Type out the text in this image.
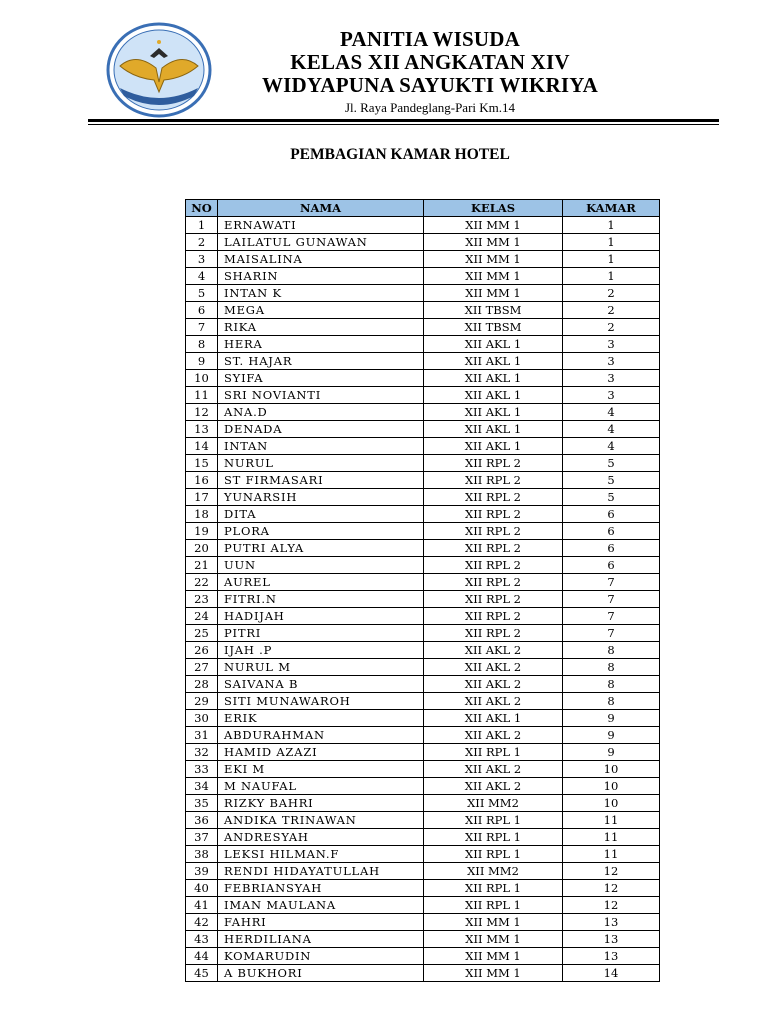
PANITIA WISUDA
KELAS XII ANGKATAN XIV
WIDYAPUNA SAYUKTI WIKRIYA
Jl. Raya Pandeglang-Pari Km.14
PEMBAGIAN KAMAR HOTEL
NO	NAMA	KELAS	KAMAR
1	ERNAWATI	XII MM 1	1
2	LAILATUL GUNAWAN	XII MM 1	1
3	MAISALINA	XII MM 1	1
4	SHARIN	XII MM 1	1
5	INTAN K	XII MM 1	2
6	MEGA	XII TBSM	2
7	RIKA	XII TBSM	2
8	HERA	XII AKL 1	3
9	ST. HAJAR	XII AKL 1	3
10	SYIFA	XII AKL 1	3
11	SRI NOVIANTI	XII AKL 1	3
12	ANA.D	XII AKL 1	4
13	DENADA	XII AKL 1	4
14	INTAN	XII AKL 1	4
15	NURUL	XII RPL 2	5
16	ST FIRMASARI	XII RPL 2	5
17	YUNARSIH	XII RPL 2	5
18	DITA	XII RPL 2	6
19	PLORA	XII RPL 2	6
20	PUTRI ALYA	XII RPL 2	6
21	UUN	XII RPL 2	6
22	AUREL	XII RPL 2	7
23	FITRI.N	XII RPL 2	7
24	HADIJAH	XII RPL 2	7
25	PITRI	XII RPL 2	7
26	IJAH .P	XII AKL 2	8
27	NURUL M	XII AKL 2	8
28	SAIVANA B	XII AKL 2	8
29	SITI MUNAWAROH	XII AKL 2	8
30	ERIK	XII AKL 1	9
31	ABDURAHMAN	XII AKL 2	9
32	HAMID AZAZI	XII RPL 1	9
33	EKI M	XII AKL 2	10
34	M NAUFAL	XII AKL 2	10
35	RIZKY BAHRI	XII MM2	10
36	ANDIKA TRINAWAN	XII RPL 1	11
37	ANDRESYAH	XII RPL 1	11
38	LEKSI HILMAN.F	XII RPL 1	11
39	RENDI HIDAYATULLAH	XII MM2	12
40	FEBRIANSYAH	XII RPL 1	12
41	IMAN MAULANA	XII RPL 1	12
42	FAHRI	XII MM 1	13
43	HERDILIANA	XII MM 1	13
44	KOMARUDIN	XII MM 1	13
45	A BUKHORI	XII MM 1	14
